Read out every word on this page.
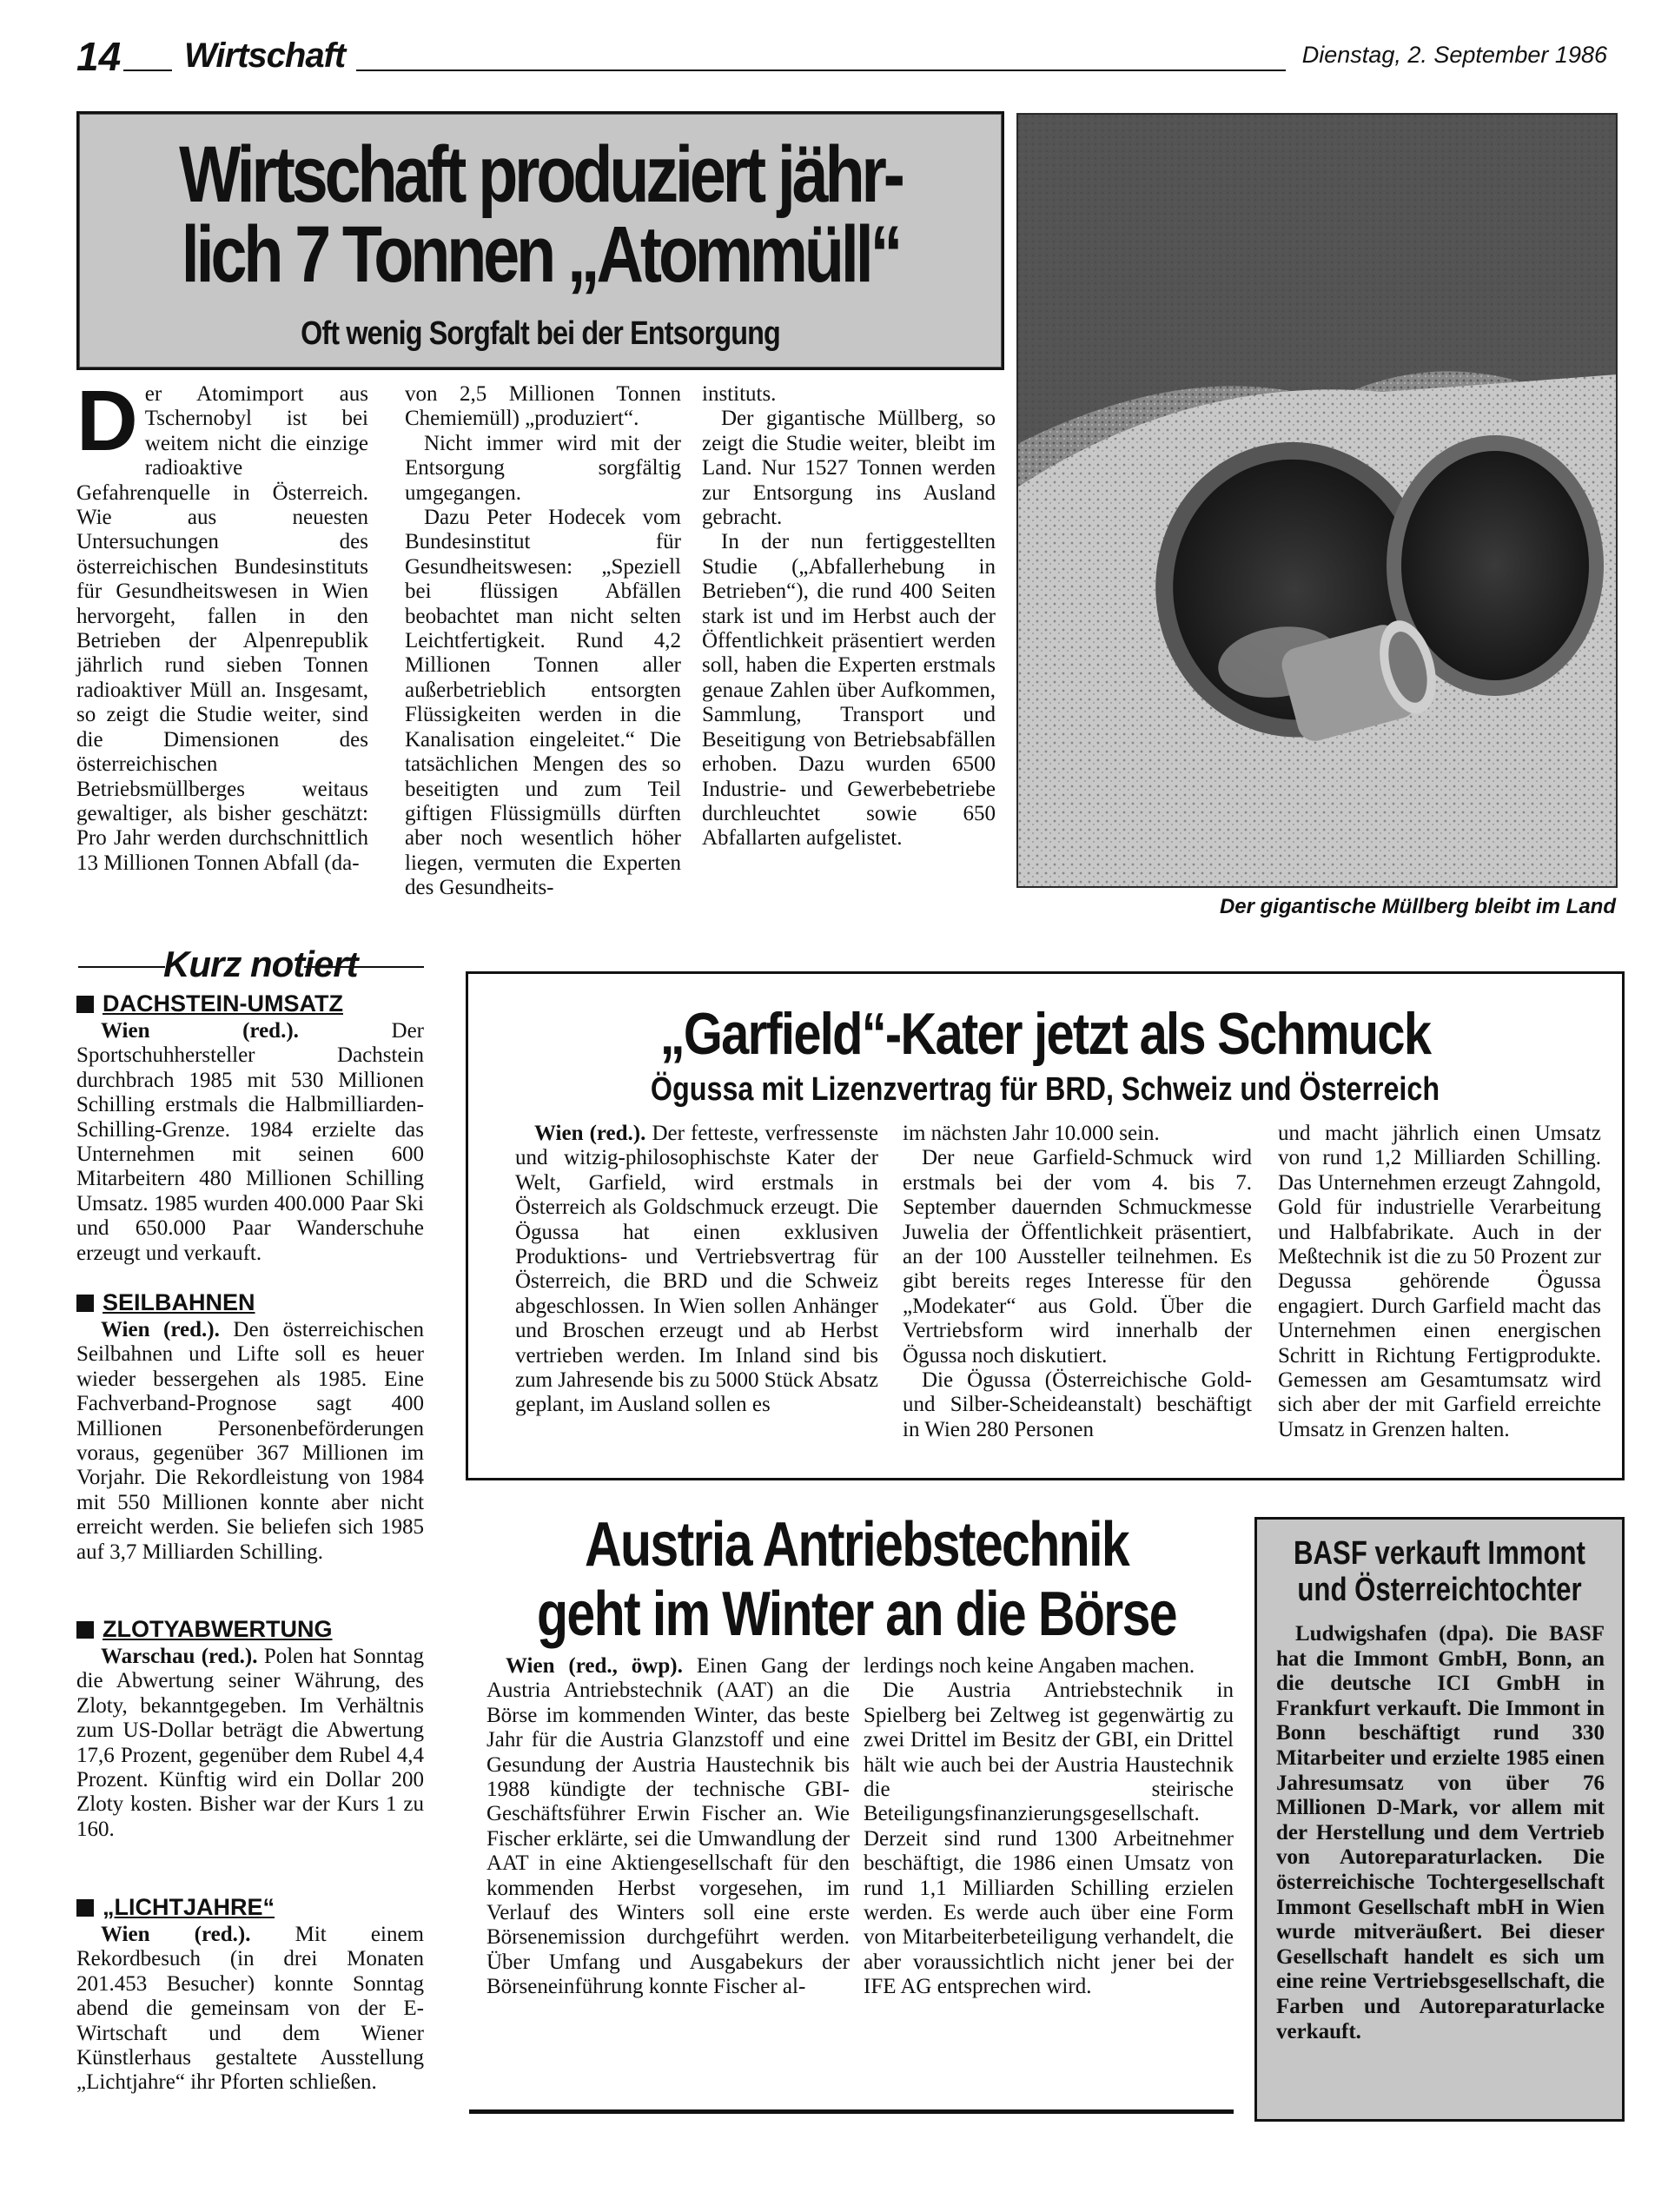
14 Wirtschaft	Dienstag, 2. September 1986
Wirtschaft produziert jähr-
lich 7 Tonnen „Atommüll“
Oft wenig Sorgfalt bei der Entsorgung
Der gigantische Müllberg bleibt im Land
D er Atomimport aus Tschernobyl ist bei weitem nicht die einzige radioaktive Gefahrenquelle in Österreich. Wie aus neuesten Untersuchungen des österreichischen Bundesinstituts für Gesundheitswesen in Wien hervorgeht, fallen in den Betrieben der Alpenrepublik jährlich rund sieben Tonnen radioaktiver Müll an. Insgesamt, so zeigt die Studie weiter, sind die Dimensionen des österreichischen Betriebsmüllberges weitaus gewaltiger, als bisher geschätzt: Pro Jahr werden durchschnittlich 13 Millionen Tonnen Abfall (da-

von 2,5 Millionen Tonnen Chemiemüll) „produziert“.

Nicht immer wird mit der Entsorgung sorgfältig umgegangen.

Dazu Peter Hodecek vom Bundesinstitut für Gesundheitswesen: „Speziell bei flüssigen Abfällen beobachtet man nicht selten Leichtfertigkeit. Rund 4,2 Millionen Tonnen aller außerbetrieblich entsorgten Flüssigkeiten werden in die Kanalisation eingeleitet.“ Die tatsächlichen Mengen des so beseitigten und zum Teil giftigen Flüssigmülls dürften aber noch wesentlich höher liegen, vermuten die Experten des Gesundheits-

instituts.

Der gigantische Müllberg, so zeigt die Studie weiter, bleibt im Land. Nur 1527 Tonnen werden zur Entsorgung ins Ausland gebracht.

In der nun fertiggestellten Studie („Abfallerhebung in Betrieben“), die rund 400 Seiten stark ist und im Herbst auch der Öffentlichkeit präsentiert werden soll, haben die Experten erstmals genaue Zahlen über Aufkommen, Sammlung, Transport und Beseitigung von Betriebsabfällen erhoben. Dazu wurden 6500 Industrie- und Gewerbebetriebe durchleuchtet sowie 650 Abfallarten aufgelistet.

Kurz notiert
DACHSTEIN-UMSATZ

Wien (red.). Der Sportschuhhersteller Dachstein durchbrach 1985 mit 530 Millionen Schilling erstmals die Halbmilliarden-Schilling-Grenze. 1984 erzielte das Unternehmen mit seinen 600 Mitarbeitern 480 Millionen Schilling Umsatz. 1985 wurden 400.000 Paar Ski und 650.000 Paar Wanderschuhe erzeugt und verkauft.

SEILBAHNEN

Wien (red.). Den österreichischen Seilbahnen und Lifte soll es heuer wieder bessergehen als 1985. Eine Fachverband-Prognose sagt 400 Millionen Personenbeförderungen voraus, gegenüber 367 Millionen im Vorjahr. Die Rekordleistung von 1984 mit 550 Millionen konnte aber nicht erreicht werden. Sie beliefen sich 1985 auf 3,7 Milliarden Schilling.

ZLOTYABWERTUNG

Warschau (red.). Polen hat Sonntag die Abwertung seiner Währung, des Zloty, bekanntgegeben. Im Verhältnis zum US-Dollar beträgt die Abwertung 17,6 Prozent, gegenüber dem Rubel 4,4 Prozent. Künftig wird ein Dollar 200 Zloty kosten. Bisher war der Kurs 1 zu 160.

„LICHTJAHRE“

Wien (red.). Mit einem Rekordbesuch (in drei Monaten 201.453 Besucher) konnte Sonntag abend die gemeinsam von der E-Wirtschaft und dem Wiener Künstlerhaus gestaltete Ausstellung „Lichtjahre“ ihr Pforten schließen.

„Garfield“-Kater jetzt als Schmuck
Ögussa mit Lizenzvertrag für BRD, Schweiz und Österreich

Wien (red.). Der fetteste, verfressenste und witzig-philosophischste Kater der Welt, Garfield, wird erstmals in Österreich als Goldschmuck erzeugt. Die Ögussa hat einen exklusiven Produktions- und Vertriebsvertrag für Österreich, die BRD und die Schweiz abgeschlossen. In Wien sollen Anhänger und Broschen erzeugt und ab Herbst vertrieben werden. Im Inland sind bis zum Jahresende bis zu 5000 Stück Absatz geplant, im Ausland sollen es

im nächsten Jahr 10.000 sein.

Der neue Garfield-Schmuck wird erstmals bei der vom 4. bis 7. September dauernden Schmuckmesse Juwelia der Öffentlichkeit präsentiert, an der 100 Aussteller teilnehmen. Es gibt bereits reges Interesse für den „Modekater“ aus Gold. Über die Vertriebsform wird innerhalb der Ögussa noch diskutiert.

Die Ögussa (Österreichische Gold- und Silber-Scheideanstalt) beschäftigt in Wien 280 Personen

und macht jährlich einen Umsatz von rund 1,2 Milliarden Schilling. Das Unternehmen erzeugt Zahngold, Gold für industrielle Verarbeitung und Halbfabrikate. Auch in der Meßtechnik ist die zu 50 Prozent zur Degussa gehörende Ögussa engagiert. Durch Garfield macht das Unternehmen einen energischen Schritt in Richtung Fertigprodukte. Gemessen am Gesamtumsatz wird sich aber der mit Garfield erreichte Umsatz in Grenzen halten.

Austria Antriebstechnik
geht im Winter an die Börse

Wien (red., öwp). Einen Gang der Austria Antriebstechnik (AAT) an die Börse im kommenden Winter, das beste Jahr für die Austria Glanzstoff und eine Gesundung der Austria Haustechnik bis 1988 kündigte der technische GBI-Geschäftsführer Erwin Fischer an. Wie Fischer erklärte, sei die Umwandlung der AAT in eine Aktiengesellschaft für den kommenden Herbst vorgesehen, im Verlauf des Winters soll eine erste Börsenemission durchgeführt werden. Über Umfang und Ausgabekurs der Börseneinführung konnte Fischer al-

lerdings noch keine Angaben machen.

Die Austria Antriebstechnik in Spielberg bei Zeltweg ist gegenwärtig zu zwei Drittel im Besitz der GBI, ein Drittel hält wie auch bei der Austria Haustechnik die steirische Beteiligungsfinanzierungsgesellschaft. Derzeit sind rund 1300 Arbeitnehmer beschäftigt, die 1986 einen Umsatz von rund 1,1 Milliarden Schilling erzielen werden. Es werde auch über eine Form von Mitarbeiterbeteiligung verhandelt, die aber voraussichtlich nicht jener bei der IFE AG entsprechen wird.

BASF verkauft Immont
und Österreichtochter

Ludwigshafen (dpa). Die BASF hat die Immont GmbH, Bonn, an die deutsche ICI GmbH in Frankfurt verkauft. Die Immont in Bonn beschäftigt rund 330 Mitarbeiter und erzielte 1985 einen Jahresumsatz von über 76 Millionen D-Mark, vor allem mit der Herstellung und dem Vertrieb von Autoreparaturlacken. Die österreichische Tochtergesellschaft Immont Gesellschaft mbH in Wien wurde mitveräußert. Bei dieser Gesellschaft handelt es sich um eine reine Vertriebsgesellschaft, die Farben und Autoreparaturlacke verkauft.
